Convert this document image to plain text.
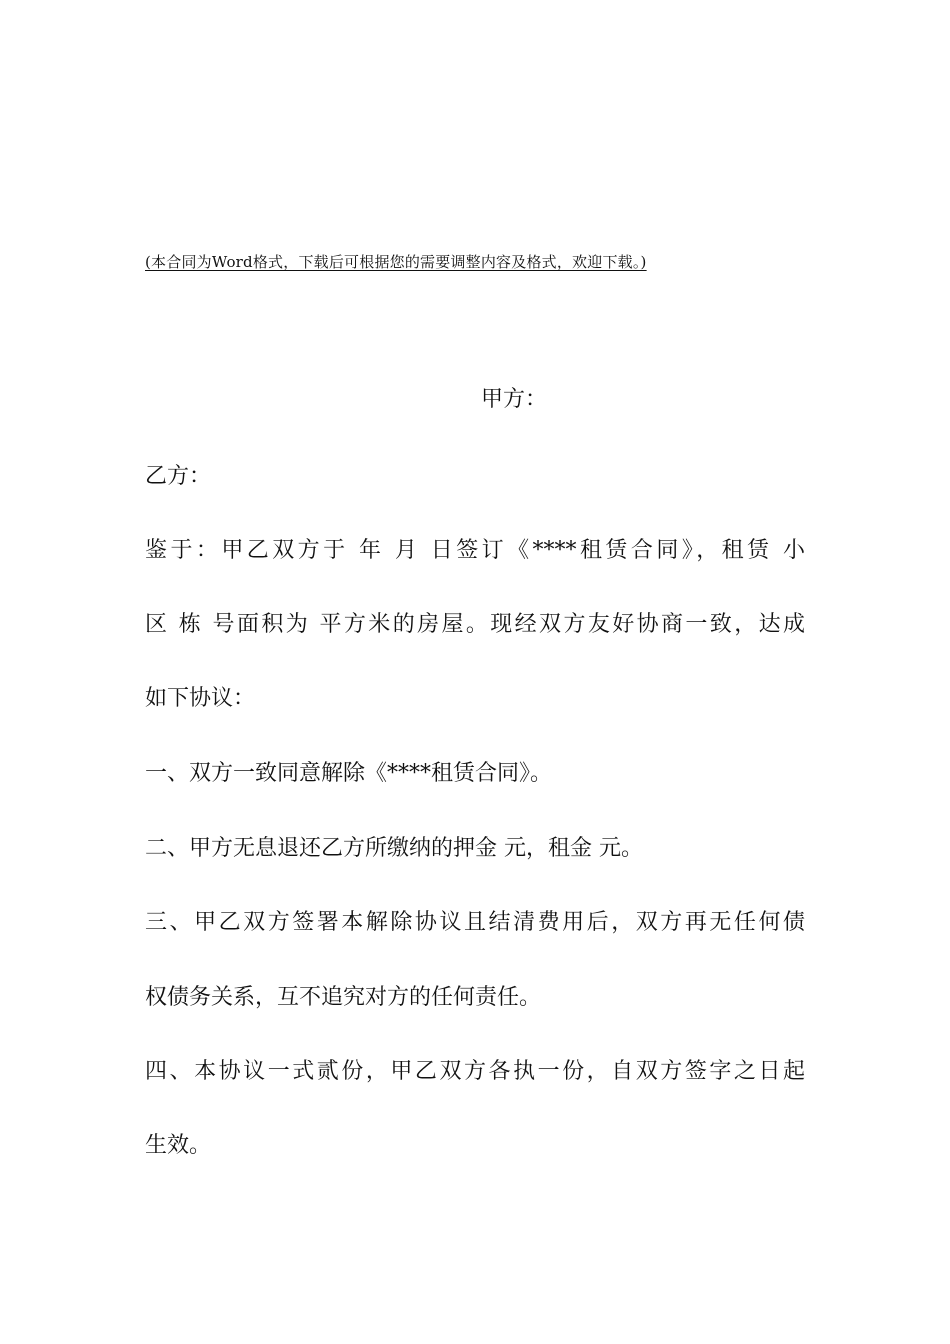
(本合同为Word格式，下载后可根据您的需要调整内容及格式，欢迎下载。)
甲方：
乙方：
鉴于：甲乙双方于 年 月 日签订《****租赁合同》，租赁 小
区 栋 号面积为 平方米的房屋。现经双方友好协商一致，达成
如下协议：
一、双方一致同意解除《****租赁合同》。
二、甲方无息退还乙方所缴纳的押金 元，租金 元。
三、甲乙双方签署本解除协议且结清费用后，双方再无任何债
权债务关系，互不追究对方的任何责任。
四、本协议一式贰份，甲乙双方各执一份，自双方签字之日起
生效。
